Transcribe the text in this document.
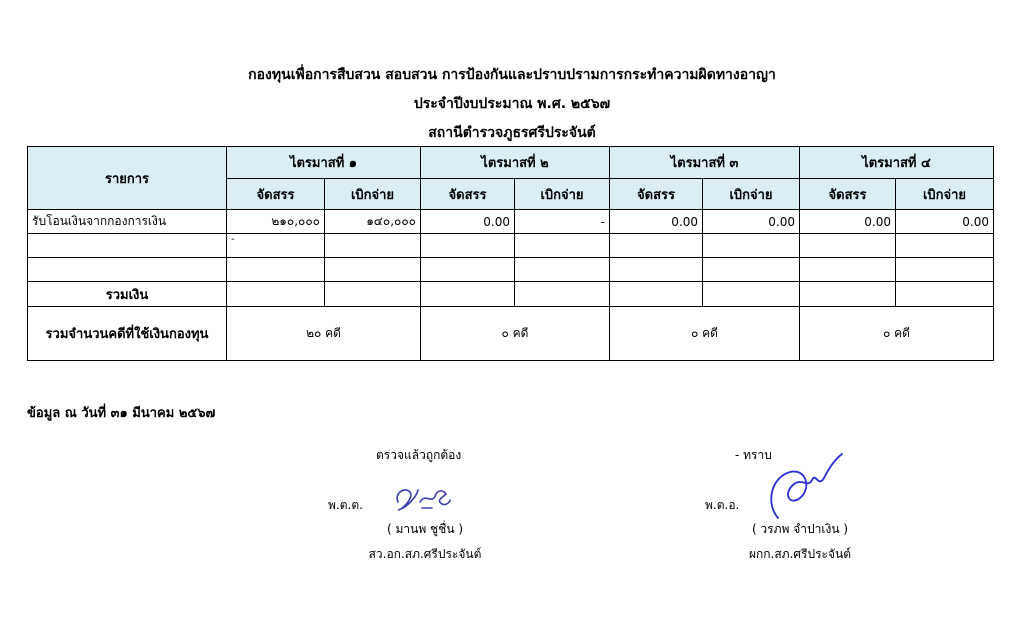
กองทุนเพื่อการสืบสวน สอบสวน การป้องกันและปราบปรามการกระทำความผิดทางอาญา
ประจำปีงบประมาณ พ.ศ. ๒๕๖๗
สถานีตำรวจภูธรศรีประจันต์
รายการ	ไตรมาสที่ ๑		ไตรมาสที่ ๒		ไตรมาสที่ ๓		ไตรมาสที่ ๔	
	จัดสรร	เบิกจ่าย	จัดสรร	เบิกจ่าย	จัดสรร	เบิกจ่าย	จัดสรร	เบิกจ่าย
รับโอนเงินจากกองการเงิน	๒๑๐,๐๐๐	๑๔๐,๐๐๐	0.00	-	0.00	0.00	0.00	0.00
	-							

รวมเงิน								
รวมจำนวนคดีที่ใช้เงินกองทุน	๒๐ คดี		๐ คดี		๐ คดี		๐ คดี	
ข้อมูล ณ วันที่ ๓๑ มีนาคม ๒๕๖๗
ตรวจแล้วถูกต้อง
พ.ต.ต.
( มานพ ชูชื่น )
สว.อก.สภ.ศรีประจันต์
- ทราบ
พ.ต.อ.
( วรภพ จำปาเงิน )
ผกก.สภ.ศรีประจันต์
